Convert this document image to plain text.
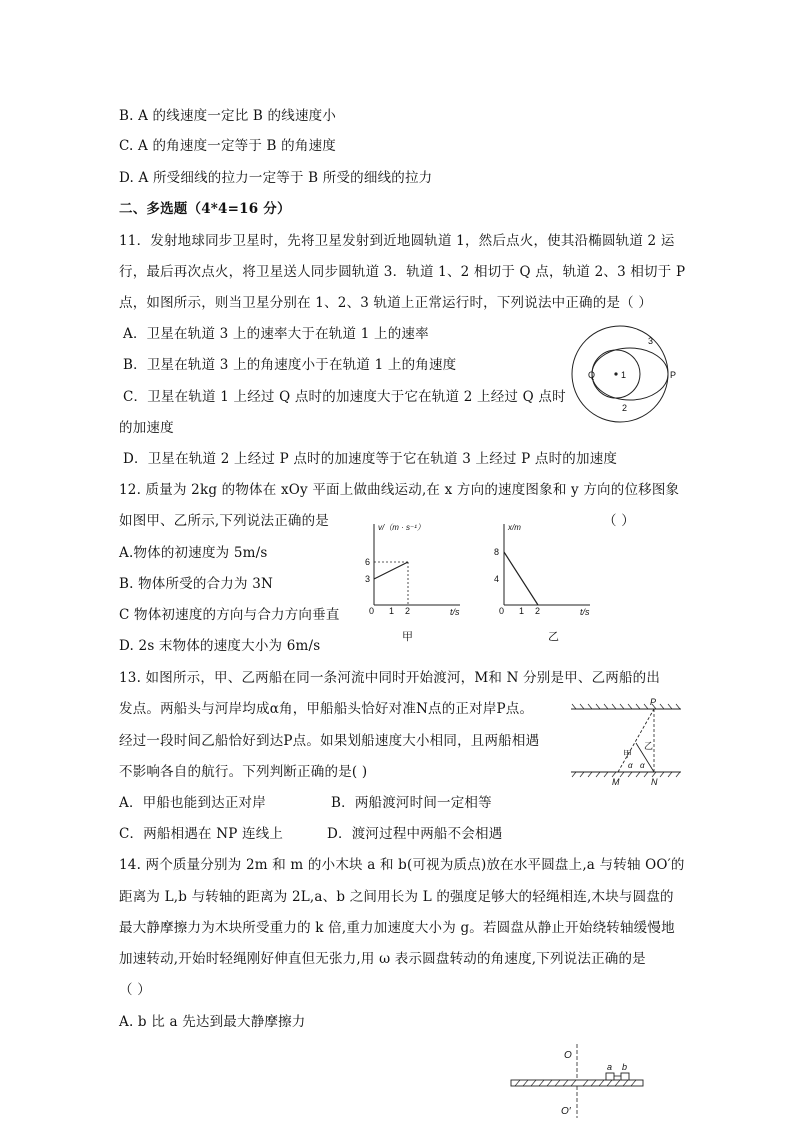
B. A 的线速度一定比 B 的线速度小
C. A 的角速度一定等于 B 的角速度
D. A 所受细线的拉力一定等于 B 所受的细线的拉力
二、多选题（4*4=16 分）
11．发射地球同步卫星时，先将卫星发射到近地圆轨道 1，然后点火，使其沿椭圆轨道 2 运
行，最后再次点火，将卫星送人同步圆轨道 3．轨道 1、2 相切于 Q 点，轨道 2、3 相切于 P
点，如图所示，则当卫星分别在 1、2、3 轨道上正常运行时，下列说法中正确的是（ ）
A．卫星在轨道 3 上的速率大于在轨道 1 上的速率
B．卫星在轨道 3 上的角速度小于在轨道 1 上的角速度
C．卫星在轨道 1 上经过 Q 点时的加速度大于它在轨道 2 上经过 Q 点时
的加速度
D．卫星在轨道 2 上经过 P 点时的加速度等于它在轨道 3 上经过 P 点时的加速度
12. 质量为 2kg 的物体在 xOy 平面上做曲线运动,在 x 方向的速度图象和 y 方向的位移图象
如图甲、乙所示,下列说法正确的是	（ ）
A.物体的初速度为 5m/s
B. 物体所受的合力为 3N
C 物体初速度的方向与合力方向垂直
D. 2s 末物体的速度大小为 6m/s
13. 如图所示，甲、乙两船在同一条河流中同时开始渡河，M和 N 分别是甲、乙两船的出
发点。两船头与河岸均成α角，甲船船头恰好对准N点的正对岸P点。
经过一段时间乙船恰好到达P点。如果划船速度大小相同，且两船相遇
不影响各自的航行。下列判断正确的是( )
A．甲船也能到达正对岸	B．两船渡河时间一定相等
C．两船相遇在 NP 连线上	D．渡河过程中两船不会相遇
14. 两个质量分别为 2m 和 m 的小木块 a 和 b(可视为质点)放在水平圆盘上,a 与转轴 OO′的
距离为 L,b 与转轴的距离为 2L,a、b 之间用长为 L 的强度足够大的轻绳相连,木块与圆盘的
最大静摩擦力为木块所受重力的 k 倍,重力加速度大小为 g。若圆盘从静止开始绕转轴缓慢地
加速转动,开始时轻绳刚好伸直但无张力,用 ω 表示圆盘转动的角速度,下列说法正确的是
（ ）
A. b 比 a 先达到最大静摩擦力
Q	1	P
2
3
v/（m · s⁻¹）
6
3
0 1 2	t/s
甲
x/m
8
4
0 1 2	t/s
乙
P
M	N
甲
乙
α α
O
O′
a b
